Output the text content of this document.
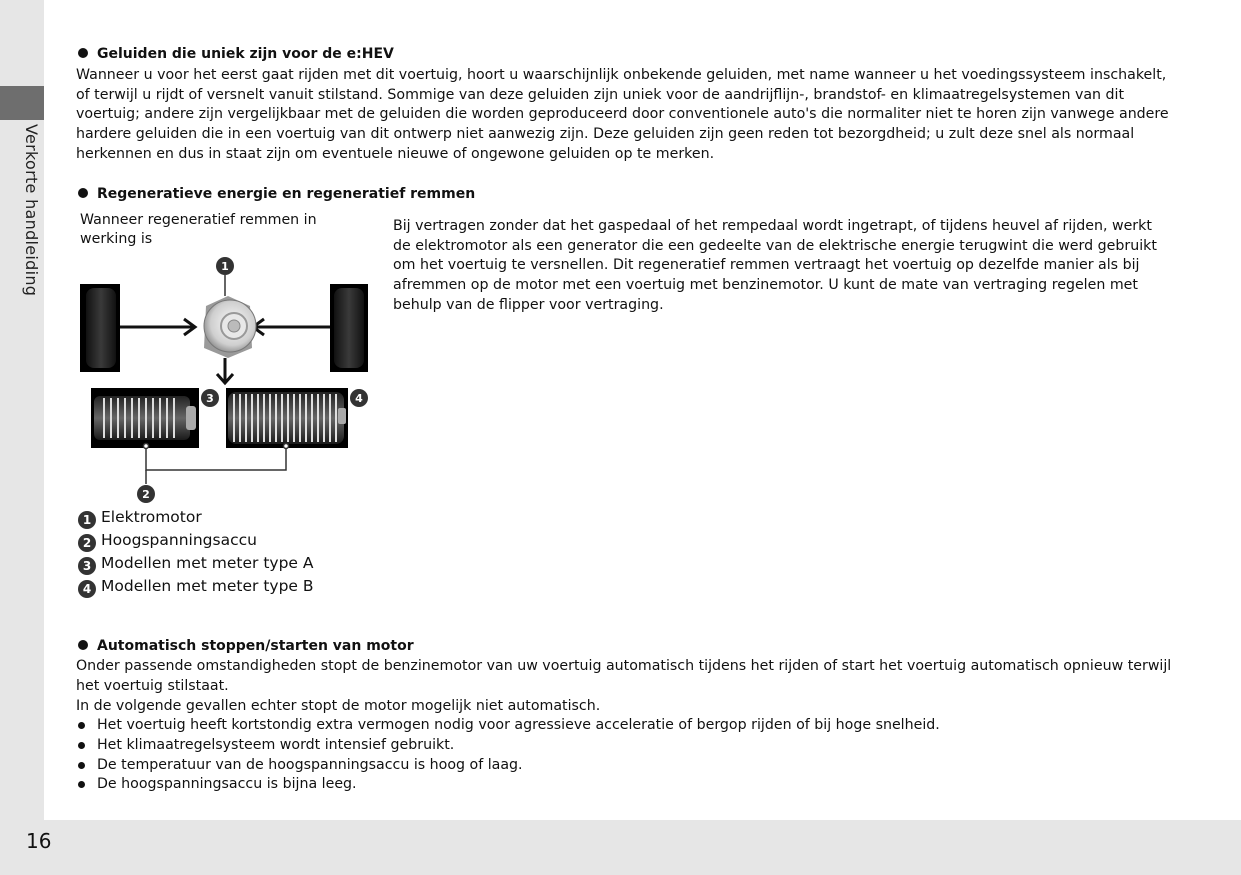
Verkorte handleiding
16
Geluiden die uniek zijn voor de e:HEV
Wanneer u voor het eerst gaat rijden met dit voertuig, hoort u waarschijnlijk onbekende geluiden, met name wanneer u het voedingssysteem inschakelt, of terwijl u rijdt of versnelt vanuit stilstand. Sommige van deze geluiden zijn uniek voor de aandrijflijn-, brandstof- en klimaatregelsystemen van dit voertuig; andere zijn vergelijkbaar met de geluiden die worden geproduceerd door conventionele auto's die normaliter niet te horen zijn vanwege andere hardere geluiden die in een voertuig van dit ontwerp niet aanwezig zijn. Deze geluiden zijn geen reden tot bezorgdheid; u zult deze snel als normaal herkennen en dus in staat zijn om eventuele nieuwe of ongewone geluiden op te merken.
Regeneratieve energie en regeneratief remmen
Wanneer regeneratief remmen in werking is
Bij vertragen zonder dat het gaspedaal of het rempedaal wordt ingetrapt, of tijdens heuvel af rijden, werkt de elektromotor als een generator die een gedeelte van de elektrische energie terugwint die werd gebruikt om het voertuig te versnellen. Dit regeneratief remmen vertraagt het voertuig op dezelfde manier als bij afremmen op de motor met een voertuig met benzinemotor. U kunt de mate van vertraging regelen met behulp van de flipper voor vertraging.
1
3	4
2
1 Elektromotor
2 Hoogspanningsaccu
3 Modellen met meter type A
4 Modellen met meter type B
Automatisch stoppen/starten van motor
Onder passende omstandigheden stopt de benzinemotor van uw voertuig automatisch tijdens het rijden of start het voertuig automatisch opnieuw terwijl het voertuig stilstaat.
In de volgende gevallen echter stopt de motor mogelijk niet automatisch.
Het voertuig heeft kortstondig extra vermogen nodig voor agressieve acceleratie of bergop rijden of bij hoge snelheid.
Het klimaatregelsysteem wordt intensief gebruikt.
De temperatuur van de hoogspanningsaccu is hoog of laag.
De hoogspanningsaccu is bijna leeg.
